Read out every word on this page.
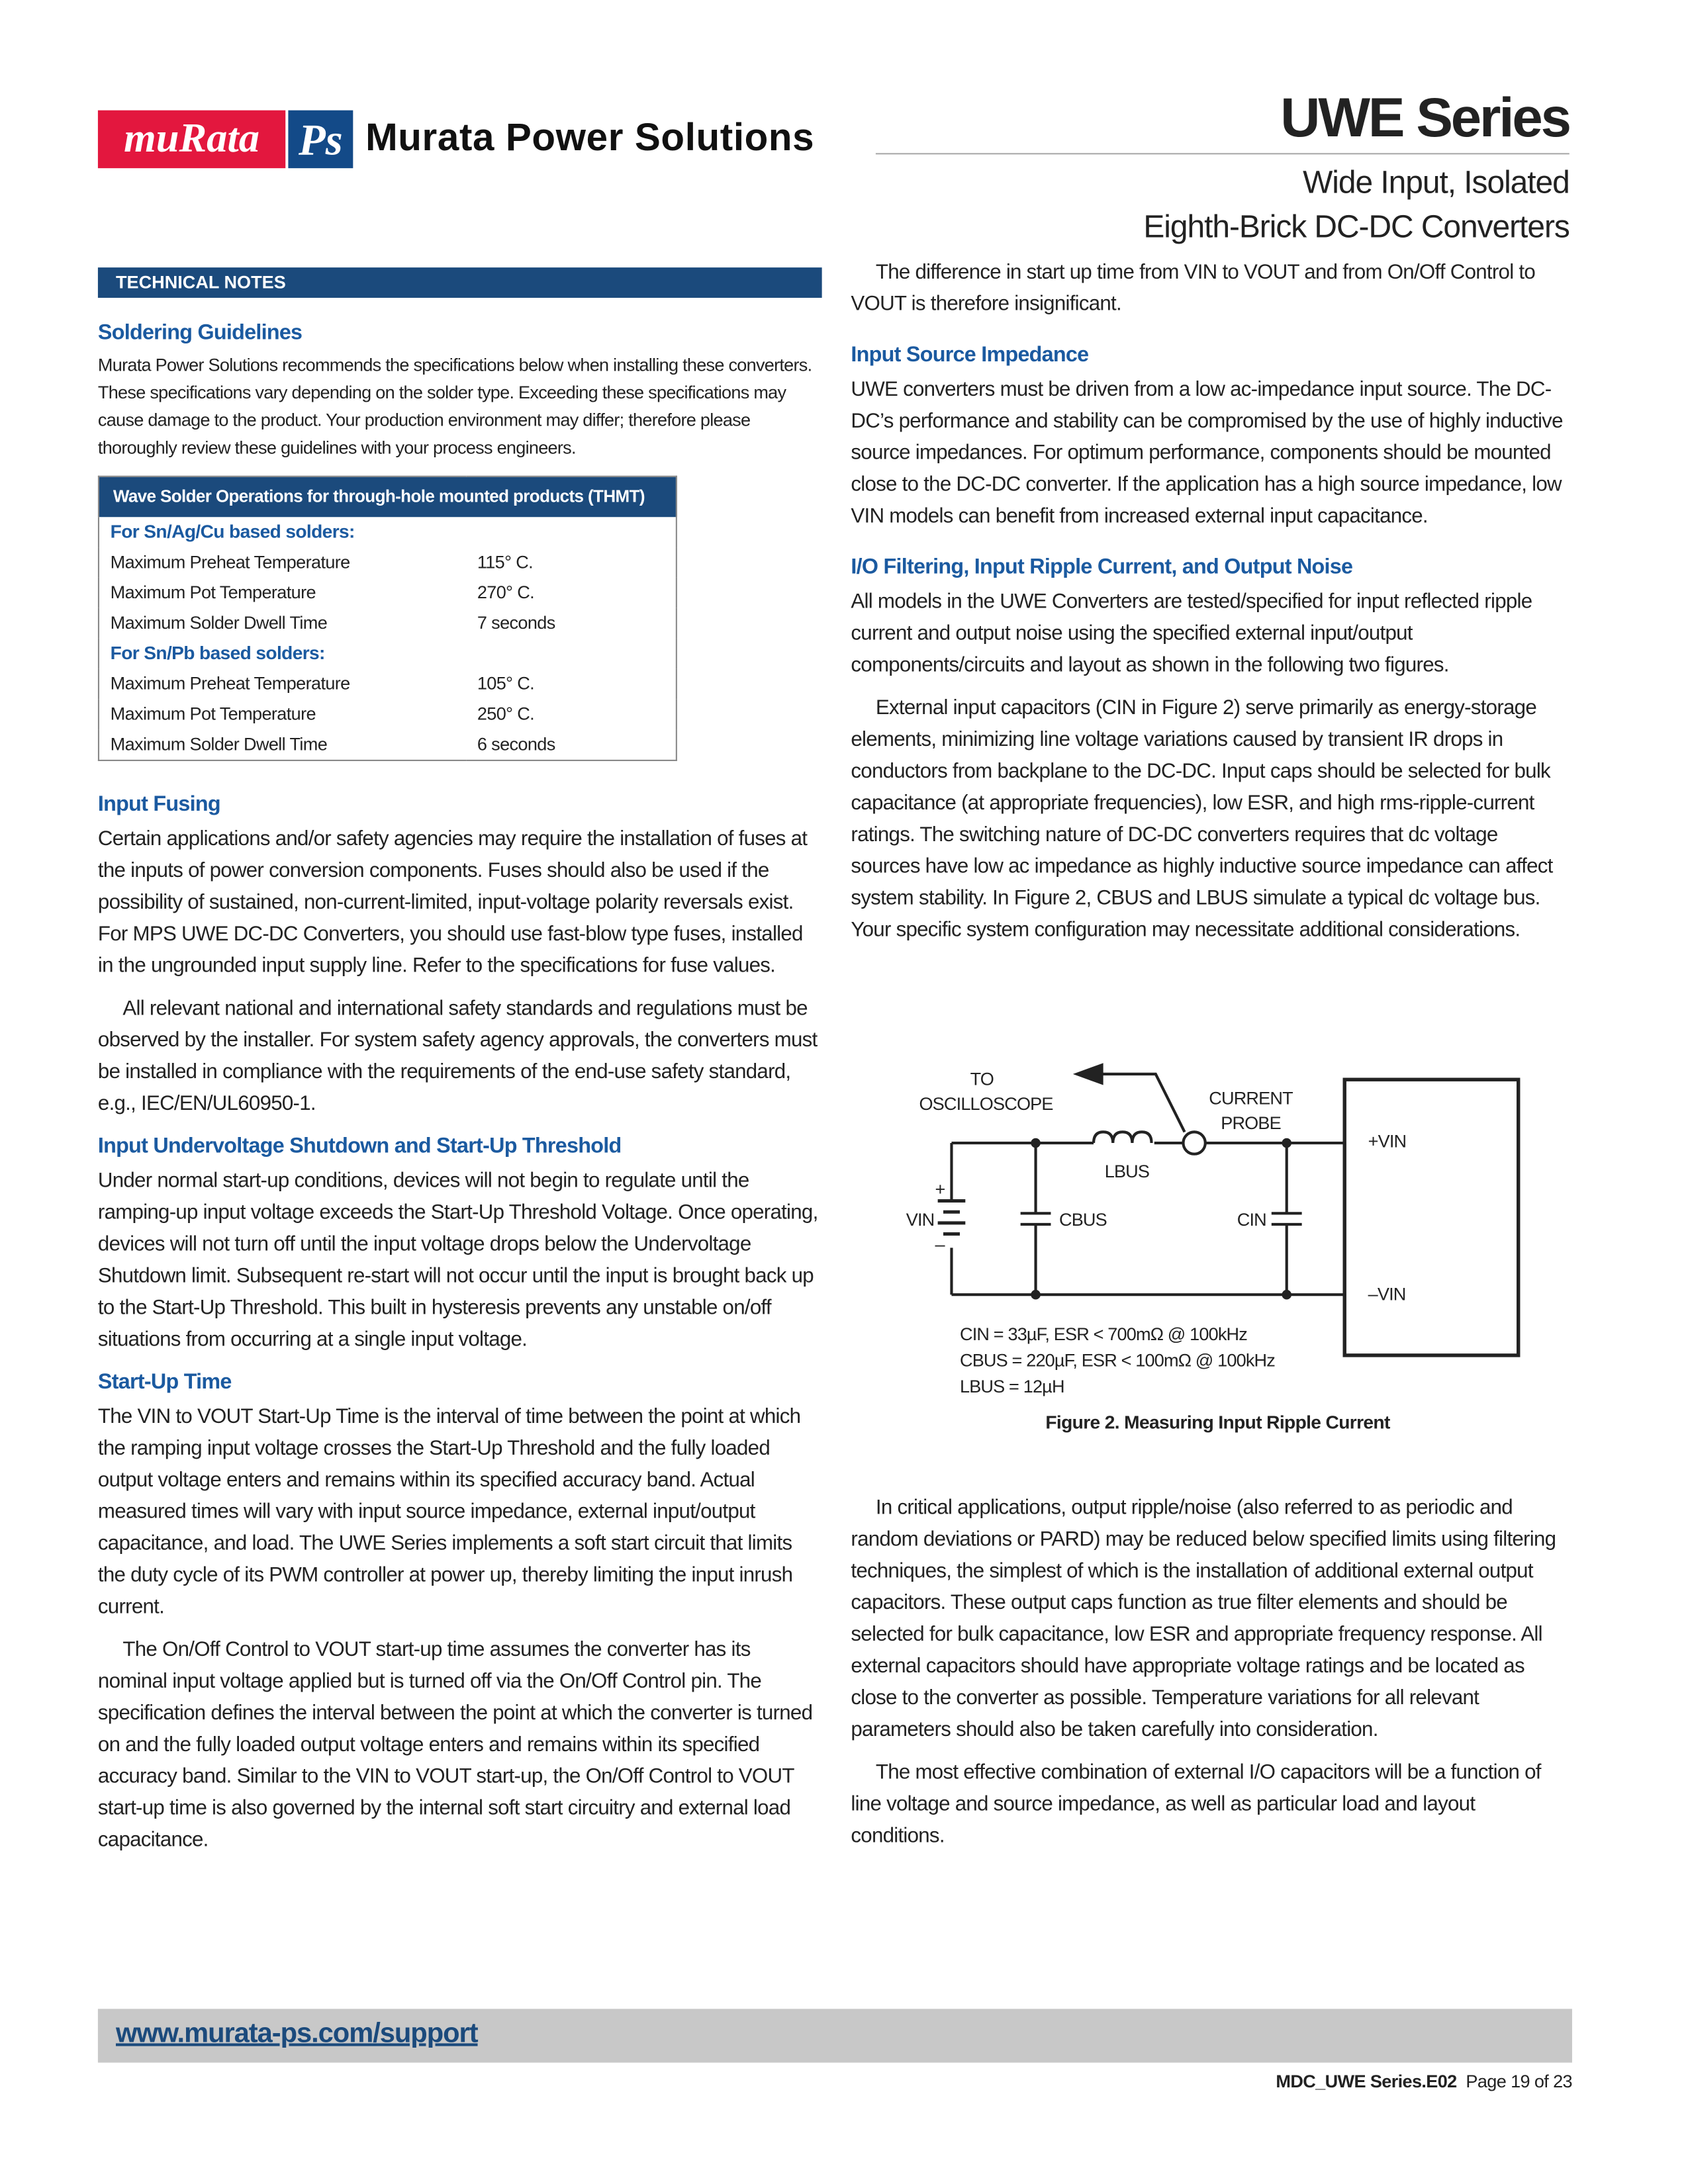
muRata	Ps	Murata Power Solutions	UWE Series
Wide Input, Isolated
Eighth-Brick DC-DC Converters
TECHNICAL NOTES
Soldering Guidelines

Murata Power Solutions recommends the specifications below when installing these converters. These specifications vary depending on the solder type. Exceeding these specifications may cause damage to the product. Your production environment may differ; therefore please thoroughly review these guidelines with your process engineers.

Wave Solder Operations for through-hole mounted products (THMT)	
For Sn/Ag/Cu based solders:	
Maximum Preheat Temperature	115° C.
Maximum Pot Temperature	270° C.
Maximum Solder Dwell Time	7 seconds
For Sn/Pb based solders:	
Maximum Preheat Temperature	105° C.
Maximum Pot Temperature	250° C.
Maximum Solder Dwell Time	6 seconds
Input Fusing

Certain applications and/or safety agencies may require the installation of fuses at the inputs of power conversion components. Fuses should also be used if the possibility of sustained, non-current-limited, input-voltage polarity reversals exist. For MPS UWE DC-DC Converters, you should use fast-blow type fuses, installed in the ungrounded input supply line. Refer to the specifications for fuse values.

All relevant national and international safety standards and regulations must be observed by the installer. For system safety agency approvals, the converters must be installed in compliance with the requirements of the end-use safety standard, e.g., IEC/EN/UL60950-1.

Input Undervoltage Shutdown and Start-Up Threshold

Under normal start-up conditions, devices will not begin to regulate until the ramping-up input voltage exceeds the Start-Up Threshold Voltage. Once operating, devices will not turn off until the input voltage drops below the Undervoltage Shutdown limit. Subsequent re-start will not occur until the input is brought back up to the Start-Up Threshold. This built in hysteresis prevents any unstable on/off situations from occurring at a single input voltage.

Start-Up Time

The VIN to VOUT Start-Up Time is the interval of time between the point at which the ramping input voltage crosses the Start-Up Threshold and the fully loaded output voltage enters and remains within its specified accuracy band. Actual measured times will vary with input source impedance, external input/output capacitance, and load. The UWE Series implements a soft start circuit that limits the duty cycle of its PWM controller at power up, thereby limiting the input inrush current.

The On/Off Control to VOUT start-up time assumes the converter has its nominal input voltage applied but is turned off via the On/Off Control pin. The specification defines the interval between the point at which the converter is turned on and the fully loaded output voltage enters and remains within its specified accuracy band. Similar to the VIN to VOUT start-up, the On/Off Control to VOUT start-up time is also governed by the internal soft start circuitry and external load capacitance.

The difference in start up time from VIN to VOUT and from On/Off Control to VOUT is therefore insignificant.

Input Source Impedance

UWE converters must be driven from a low ac-impedance input source. The DC-DC’s performance and stability can be compromised by the use of highly inductive source impedances. For optimum performance, components should be mounted close to the DC-DC converter. If the application has a high source impedance, low VIN models can benefit from increased external input capacitance.

I/O Filtering, Input Ripple Current, and Output Noise

All models in the UWE Converters are tested/specified for input reflected ripple current and output noise using the specified external input/output components/circuits and layout as shown in the following two figures.

External input capacitors (CIN in Figure 2) serve primarily as energy-storage elements, minimizing line voltage variations caused by transient IR drops in conductors from backplane to the DC-DC. Input caps should be selected for bulk capacitance (at appropriate frequencies), low ESR, and high rms-ripple-current ratings. The switching nature of DC-DC converters requires that dc voltage sources have low ac impedance as highly inductive source impedance can affect system stability. In Figure 2, CBUS and LBUS simulate a typical dc voltage bus. Your specific system configuration may necessitate additional considerations.

TO
OSCILLOSCOPE	CURRENT
PROBE
LBUS
+
–
VIN	CBUS	CIN
+VIN
–VIN
CIN = 33µF, ESR < 700mΩ @ 100kHz
CBUS = 220µF, ESR < 100mΩ @ 100kHz
LBUS = 12µH
Figure 2. Measuring Input Ripple Current

In critical applications, output ripple/noise (also referred to as periodic and random deviations or PARD) may be reduced below specified limits using filtering techniques, the simplest of which is the installation of additional external output capacitors. These output caps function as true filter elements and should be selected for bulk capacitance, low ESR and appropriate frequency response. All external capacitors should have appropriate voltage ratings and be located as close to the converter as possible. Temperature variations for all relevant parameters should also be taken carefully into consideration.

The most effective combination of external I/O capacitors will be a function of line voltage and source impedance, as well as particular load and layout conditions.

www.murata-ps.com/support
MDC_UWE Series.E02 Page 19 of 23
